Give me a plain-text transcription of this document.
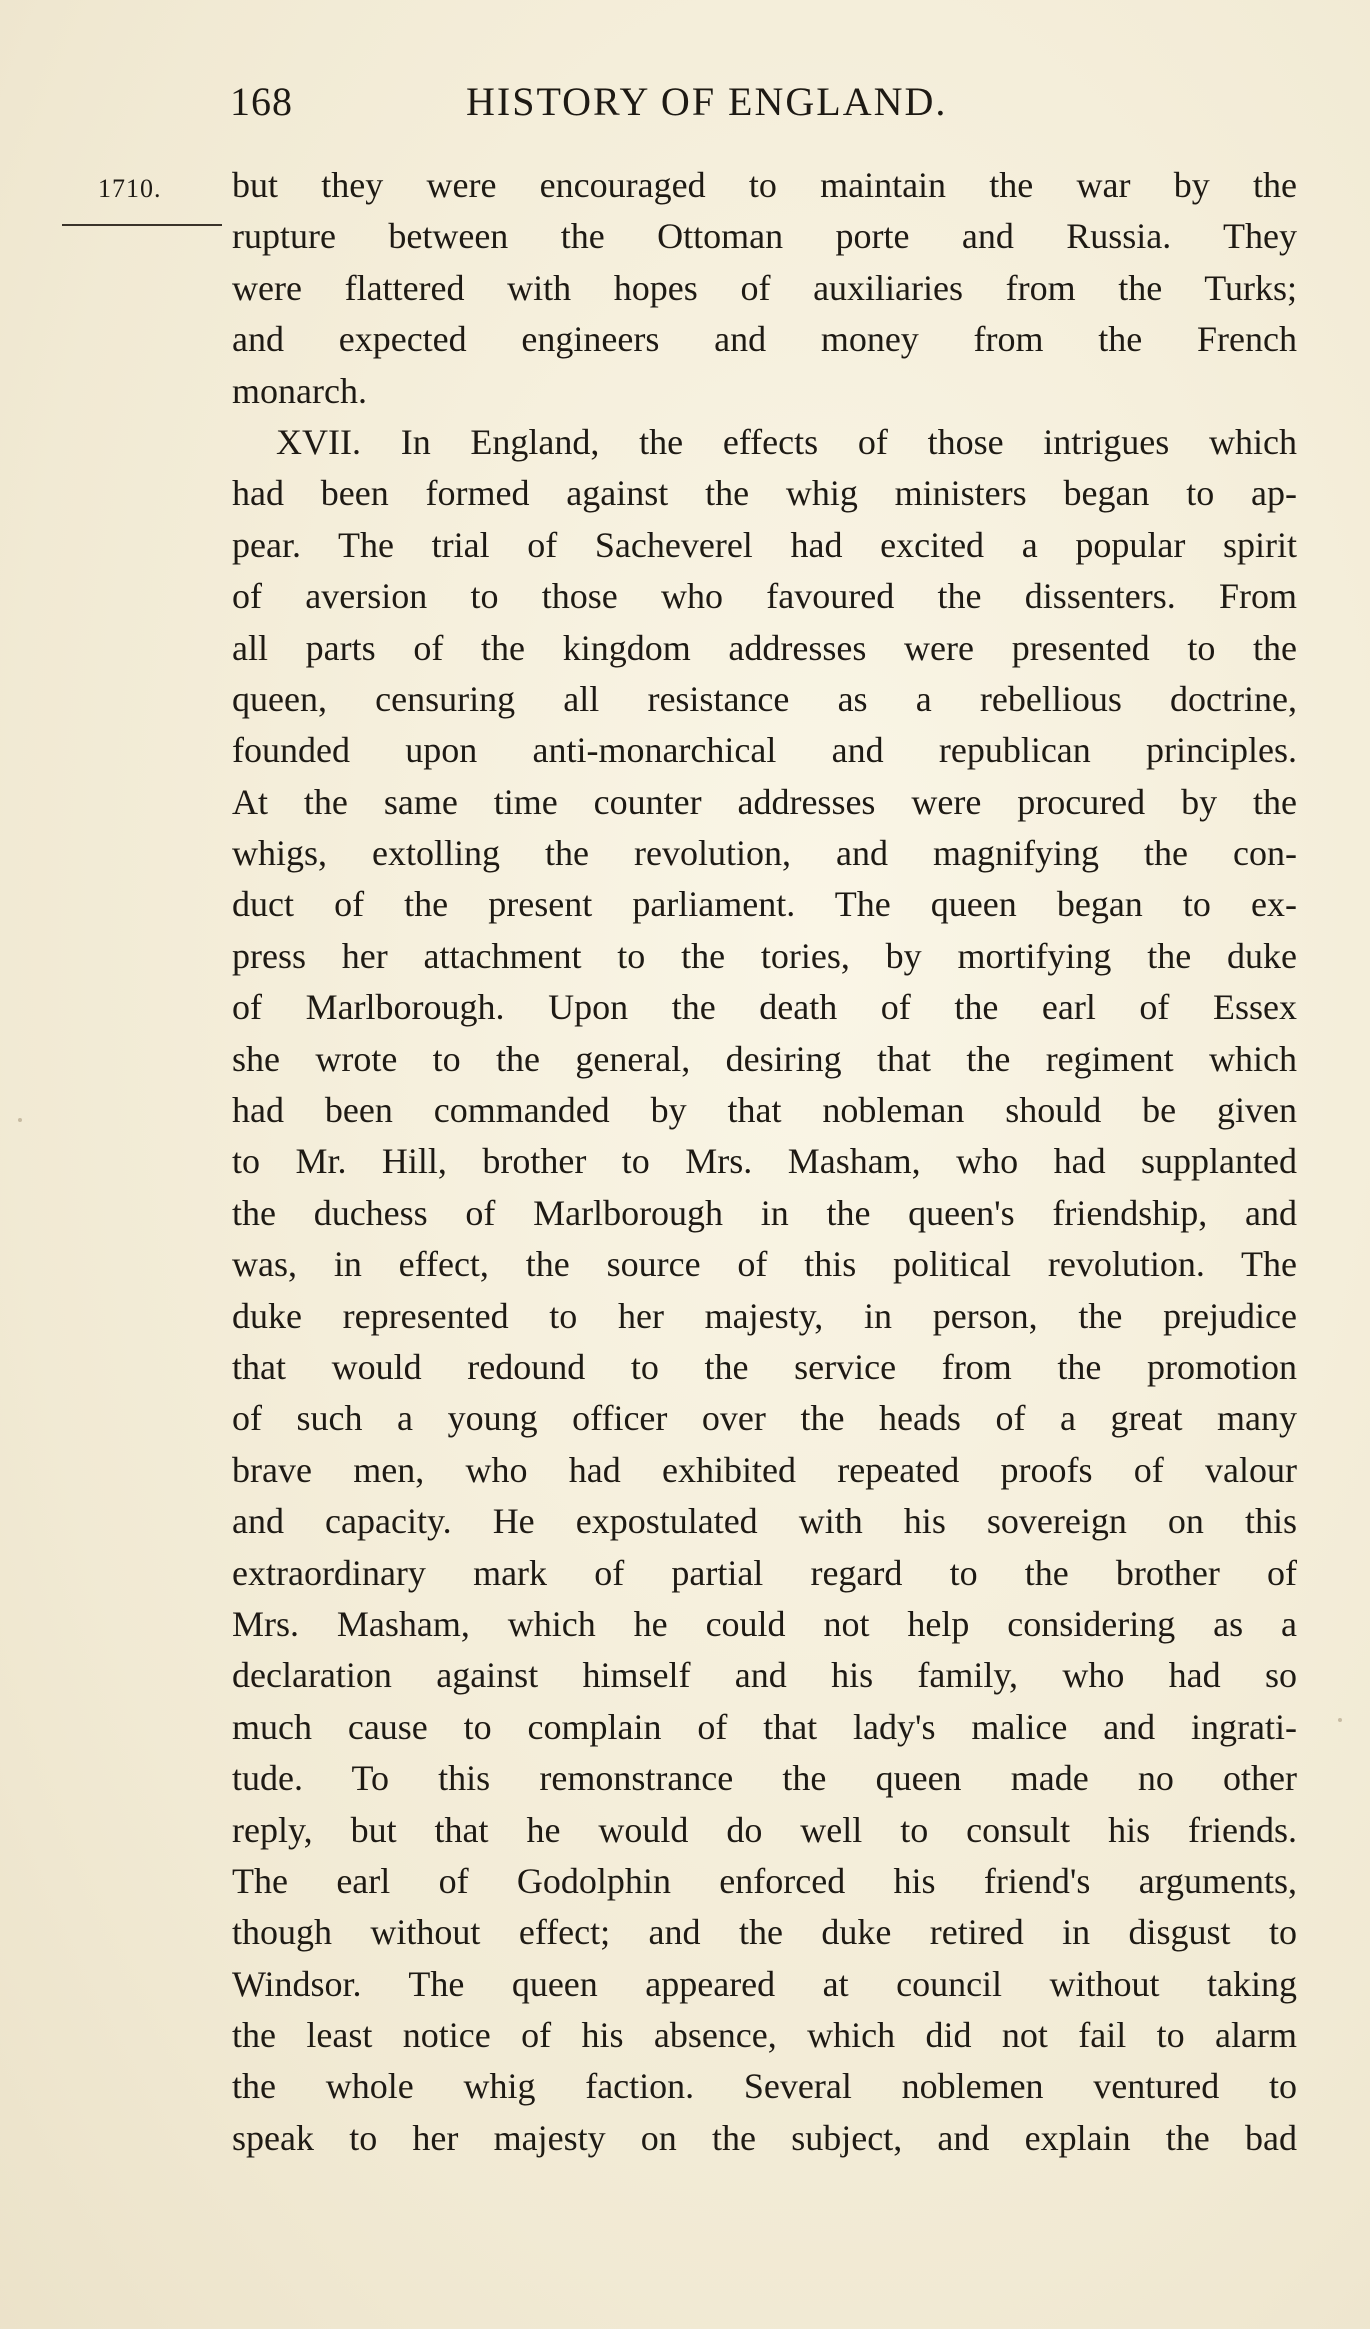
168	HISTORY OF ENGLAND.
1710. but they were encouraged to maintain the war by the
rupture between the Ottoman porte and Russia. They
were flattered with hopes of auxiliaries from the Turks;
and expected engineers and money from the French
monarch.
XVII. In England, the effects of those intrigues which
had been formed against the whig ministers began to ap-
pear. The trial of Sacheverel had excited a popular spirit
of aversion to those who favoured the dissenters. From
all parts of the kingdom addresses were presented to the
queen, censuring all resistance as a rebellious doctrine,
founded upon anti-monarchical and republican principles.
At the same time counter addresses were procured by the
whigs, extolling the revolution, and magnifying the con-
duct of the present parliament. The queen began to ex-
press her attachment to the tories, by mortifying the duke
of Marlborough. Upon the death of the earl of Essex
she wrote to the general, desiring that the regiment which
had been commanded by that nobleman should be given
to Mr. Hill, brother to Mrs. Masham, who had supplanted
the duchess of Marlborough in the queen's friendship, and
was, in effect, the source of this political revolution. The
duke represented to her majesty, in person, the prejudice
that would redound to the service from the promotion
of such a young officer over the heads of a great many
brave men, who had exhibited repeated proofs of valour
and capacity. He expostulated with his sovereign on this
extraordinary mark of partial regard to the brother of
Mrs. Masham, which he could not help considering as a
declaration against himself and his family, who had so
much cause to complain of that lady's malice and ingrati-
tude. To this remonstrance the queen made no other
reply, but that he would do well to consult his friends.
The earl of Godolphin enforced his friend's arguments,
though without effect; and the duke retired in disgust to
Windsor. The queen appeared at council without taking
the least notice of his absence, which did not fail to alarm
the whole whig faction. Several noblemen ventured to
speak to her majesty on the subject, and explain the bad
